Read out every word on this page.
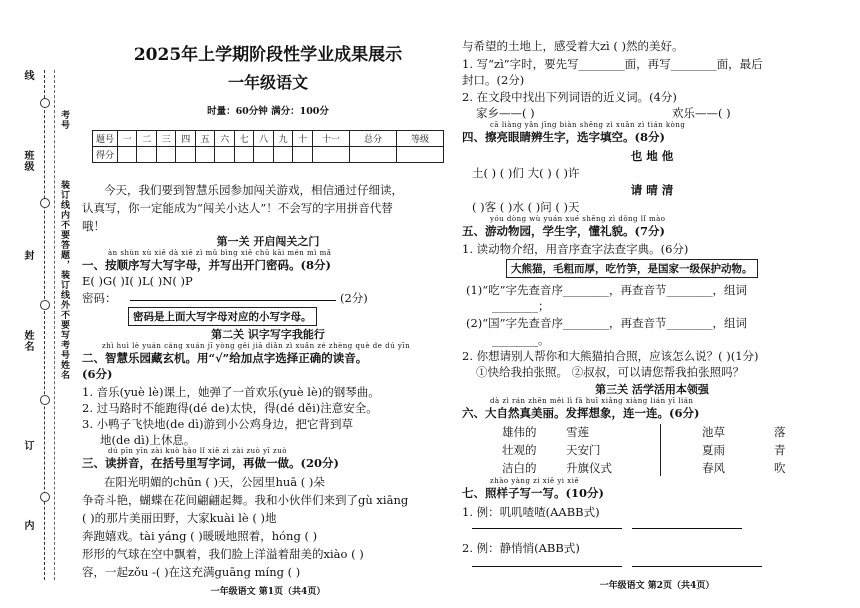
线
班级
封
姓名
订
内
装订线内不要答题，装订线外不要写考号姓名
考号
2025年上学期阶段性学业成果展示
一年级语文
时量：60分钟 满分：100分
题号	一	二	三	四	五	六	七	八	九	十	十一	总分	等级
得分													
今天，我们要到智慧乐园参加闯关游戏，相信通过仔细读，
认真写，你一定能成为“闯关小达人”！不会写的字用拼音代替
哦！
第一关 开启闯关之门
àn shùn xù xiě dà xiě zì mǔ bìng xiě chū kāi mén mì mǎ
一、按顺序写大写字母，并写出开门密码。(8分)
E( )G( )I( )L( )N( )P
密码：	(2分)
密码是上面大写字母对应的小写字母。
第二关 识字写字我能行
zhì huì lè yuán cáng xuán jī yòng gěi jiā diǎn zì xuǎn zé zhèng què de dú yīn
二、智慧乐园藏玄机。用“√”给加点字选择正确的读音。
(6分)
1. 音乐(yuè lè)课上，她弹了一首欢乐(yuè lè)的钢琴曲。
2. 过马路时不能跑得(dé de)太快，得(dé děi)注意安全。
3. 小鸭子飞快地(de dì)游到小公鸡身边，把它背到草
地(de dì)上休息。
dú pīn yīn zài kuò hào lǐ xiě zì zài zuò yī zuò
三、读拼音，在括号里写字词，再做一做。(20分)
在阳光明媚的chūn ( )天，公园里huā ( )朵
争奇斗艳，蝴蝶在花间翩翩起舞。我和小伙伴们来到了gù xiāng
( )的那片美丽田野，大家kuài lè ( )地
奔跑嬉戏。tài yáng ( )暖暖地照着，hóng ( )
形形的气球在空中飘着，我们脸上洋溢着甜美的xiào ( )
容，一起zǒu -( )在这充满guāng míng ( )
一年级语文 第1页（共4页）
与希望的土地上，感受着大zì ( )然的美好。
1. 写“zì”字时，要先写________面，再写________面，最后
封口。(2分)
2. 在文段中找出下列词语的近义词。(4分)
家乡——( )	欢乐——( )
cā liàng yǎn jīng biàn shēng zì xuǎn zì tián kòng
四、擦亮眼睛辨生字，选字填空。(8分)
也 地 他
土( ) ( )们 大( ) ( )许
请 晴 清
( )客 ( )水 ( )问 ( )天
yóu dòng wù yuán xué shēng zì dǒng lǐ mào
五、游动物园，学生字，懂礼貌。(7分)
1. 读动物介绍，用音序查字法查字典。(6分)
大熊猫，毛粗而厚，吃竹笋，是国家一级保护动物。
(1)“吃”字先查音序________，再查音节________，组词
________；
(2)“国”字先查音序________，再查音节________，组词
________。
2. 你想请别人帮你和大熊猫拍合照，应该怎么说？( )(1分)
①快给我拍张照。 ②叔叔，可以请您帮我拍张照吗？
第三关 活学活用本领强
dà zì rán zhēn měi lì fā huī xiǎng xiàng lián yī lián
六、大自然真美丽。发挥想象，连一连。(6分)
雄伟的	雪莲
壮观的	天安门
洁白的	升旗仪式
池草	落
夏雨	青
春风	吹
zhào yàng zi xiě yi xiě
七、照样子写一写。(10分)
1. 例：叽叽喳喳(AABB式)
2. 例：静悄悄(ABB式)
一年级语文 第2页（共4页）
